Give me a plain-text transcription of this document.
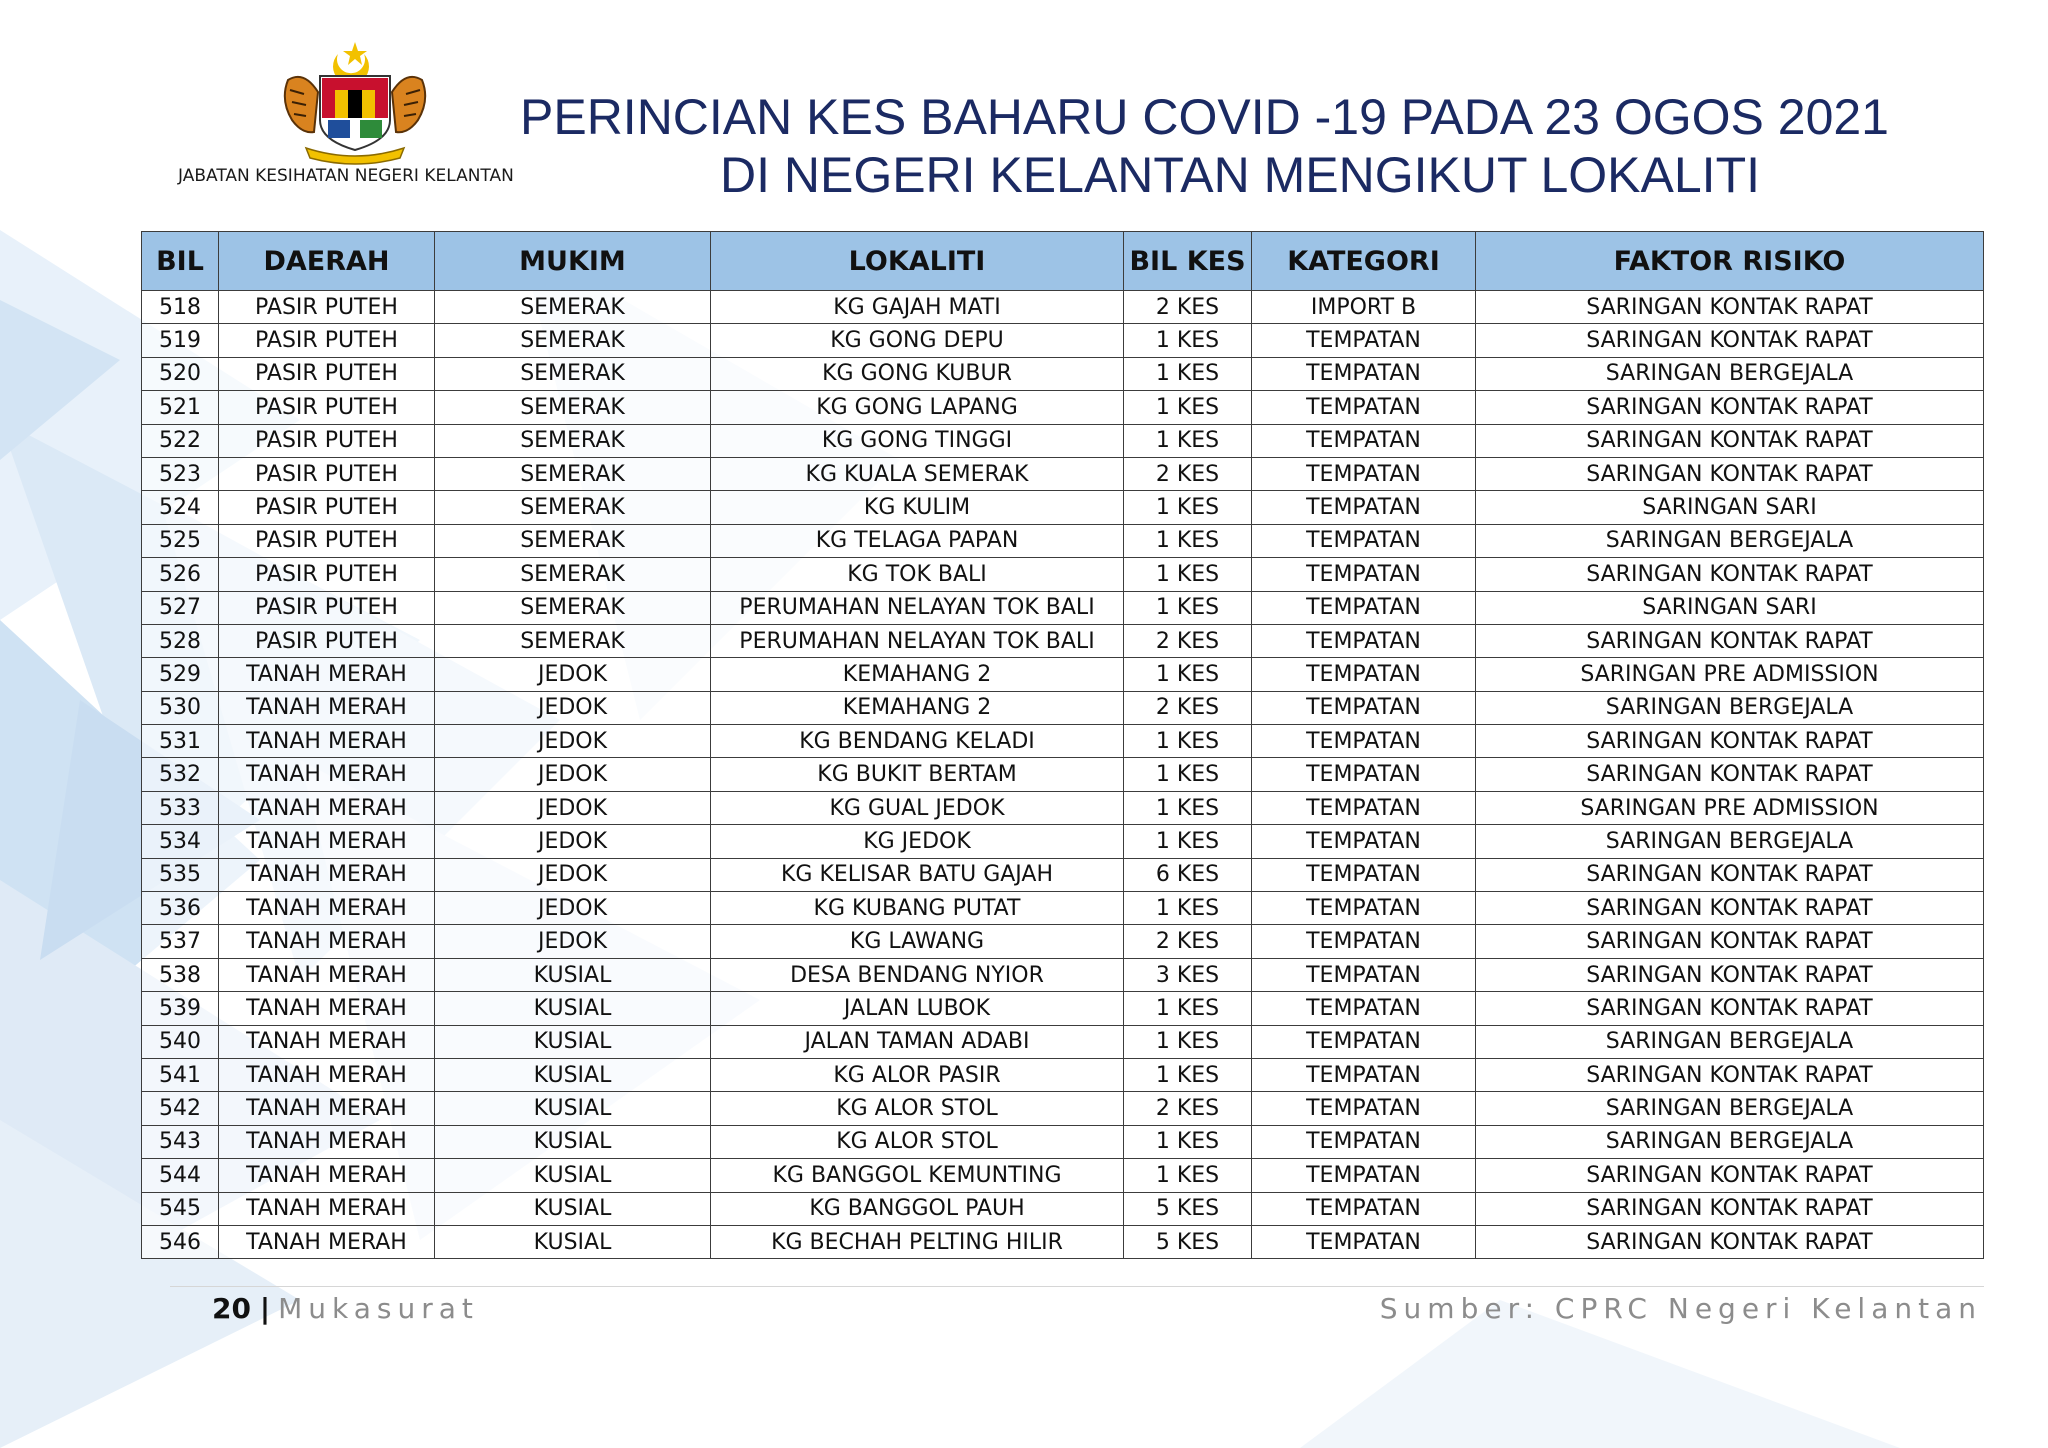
JABATAN KESIHATAN NEGERI KELANTAN
PERINCIAN KES BAHARU COVID -19 PADA 23 OGOS 2021
DI NEGERI KELANTAN MENGIKUT LOKALITI
BIL	DAERAH	MUKIM	LOKALITI	BIL KES	KATEGORI	FAKTOR RISIKO
518	PASIR PUTEH	SEMERAK	KG GAJAH MATI	2 KES	IMPORT B	SARINGAN KONTAK RAPAT
519	PASIR PUTEH	SEMERAK	KG GONG DEPU	1 KES	TEMPATAN	SARINGAN KONTAK RAPAT
520	PASIR PUTEH	SEMERAK	KG GONG KUBUR	1 KES	TEMPATAN	SARINGAN BERGEJALA
521	PASIR PUTEH	SEMERAK	KG GONG LAPANG	1 KES	TEMPATAN	SARINGAN KONTAK RAPAT
522	PASIR PUTEH	SEMERAK	KG GONG TINGGI	1 KES	TEMPATAN	SARINGAN KONTAK RAPAT
523	PASIR PUTEH	SEMERAK	KG KUALA SEMERAK	2 KES	TEMPATAN	SARINGAN KONTAK RAPAT
524	PASIR PUTEH	SEMERAK	KG KULIM	1 KES	TEMPATAN	SARINGAN SARI
525	PASIR PUTEH	SEMERAK	KG TELAGA PAPAN	1 KES	TEMPATAN	SARINGAN BERGEJALA
526	PASIR PUTEH	SEMERAK	KG TOK BALI	1 KES	TEMPATAN	SARINGAN KONTAK RAPAT
527	PASIR PUTEH	SEMERAK	PERUMAHAN NELAYAN TOK BALI	1 KES	TEMPATAN	SARINGAN SARI
528	PASIR PUTEH	SEMERAK	PERUMAHAN NELAYAN TOK BALI	2 KES	TEMPATAN	SARINGAN KONTAK RAPAT
529	TANAH MERAH	JEDOK	KEMAHANG 2	1 KES	TEMPATAN	SARINGAN PRE ADMISSION
530	TANAH MERAH	JEDOK	KEMAHANG 2	2 KES	TEMPATAN	SARINGAN BERGEJALA
531	TANAH MERAH	JEDOK	KG BENDANG KELADI	1 KES	TEMPATAN	SARINGAN KONTAK RAPAT
532	TANAH MERAH	JEDOK	KG BUKIT BERTAM	1 KES	TEMPATAN	SARINGAN KONTAK RAPAT
533	TANAH MERAH	JEDOK	KG GUAL JEDOK	1 KES	TEMPATAN	SARINGAN PRE ADMISSION
534	TANAH MERAH	JEDOK	KG JEDOK	1 KES	TEMPATAN	SARINGAN BERGEJALA
535	TANAH MERAH	JEDOK	KG KELISAR BATU GAJAH	6 KES	TEMPATAN	SARINGAN KONTAK RAPAT
536	TANAH MERAH	JEDOK	KG KUBANG PUTAT	1 KES	TEMPATAN	SARINGAN KONTAK RAPAT
537	TANAH MERAH	JEDOK	KG LAWANG	2 KES	TEMPATAN	SARINGAN KONTAK RAPAT
538	TANAH MERAH	KUSIAL	DESA BENDANG NYIOR	3 KES	TEMPATAN	SARINGAN KONTAK RAPAT
539	TANAH MERAH	KUSIAL	JALAN LUBOK	1 KES	TEMPATAN	SARINGAN KONTAK RAPAT
540	TANAH MERAH	KUSIAL	JALAN TAMAN ADABI	1 KES	TEMPATAN	SARINGAN BERGEJALA
541	TANAH MERAH	KUSIAL	KG ALOR PASIR	1 KES	TEMPATAN	SARINGAN KONTAK RAPAT
542	TANAH MERAH	KUSIAL	KG ALOR STOL	2 KES	TEMPATAN	SARINGAN BERGEJALA
543	TANAH MERAH	KUSIAL	KG ALOR STOL	1 KES	TEMPATAN	SARINGAN BERGEJALA
544	TANAH MERAH	KUSIAL	KG BANGGOL KEMUNTING	1 KES	TEMPATAN	SARINGAN KONTAK RAPAT
545	TANAH MERAH	KUSIAL	KG BANGGOL PAUH	5 KES	TEMPATAN	SARINGAN KONTAK RAPAT
546	TANAH MERAH	KUSIAL	KG BECHAH PELTING HILIR	5 KES	TEMPATAN	SARINGAN KONTAK RAPAT
20 | Mukasurat	Sumber: CPRC Negeri Kelantan
